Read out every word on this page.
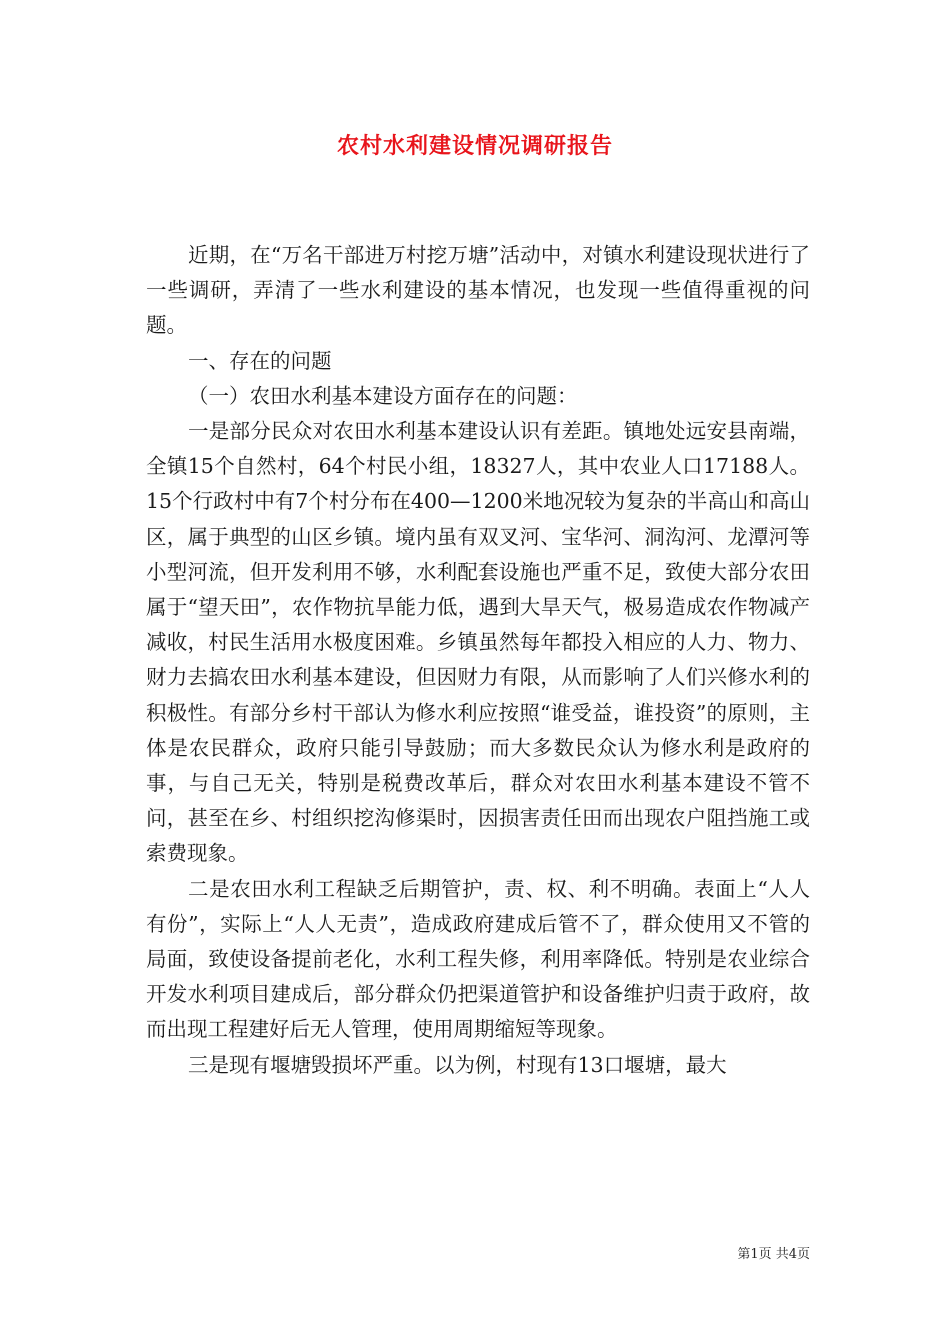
农村水利建设情况调研报告

近期，在“万名干部进万村挖万塘”活动中，对镇水利建设现状进行了一些调研，弄清了一些水利建设的基本情况，也发现一些值得重视的问题。

一、存在的问题

（一）农田水利基本建设方面存在的问题：

一是部分民众对农田水利基本建设认识有差距。镇地处远安县南端，全镇15个自然村，64个村民小组，18327人，其中农业人口17188人。15个行政村中有7个村分布在400—1200米地况较为复杂的半高山和高山区，属于典型的山区乡镇。境内虽有双叉河、宝华河、洞沟河、龙潭河等小型河流，但开发利用不够，水利配套设施也严重不足，致使大部分农田属于“望天田”，农作物抗旱能力低，遇到大旱天气，极易造成农作物减产减收，村民生活用水极度困难。乡镇虽然每年都投入相应的人力、物力、财力去搞农田水利基本建设，但因财力有限，从而影响了人们兴修水利的积极性。有部分乡村干部认为修水利应按照“谁受益，谁投资”的原则，主体是农民群众，政府只能引导鼓励；而大多数民众认为修水利是政府的事，与自己无关，特别是税费改革后，群众对农田水利基本建设不管不问，甚至在乡、村组织挖沟修渠时，因损害责任田而出现农户阻挡施工或索费现象。

二是农田水利工程缺乏后期管护，责、权、利不明确。表面上“人人有份”，实际上“人人无责”，造成政府建成后管不了，群众使用又不管的局面，致使设备提前老化，水利工程失修，利用率降低。特别是农业综合开发水利项目建成后，部分群众仍把渠道管护和设备维护归责于政府，故而出现工程建好后无人管理，使用周期缩短等现象。

三是现有堰塘毁损坏严重。以为例，村现有13口堰塘，最大

第1页 共4页
